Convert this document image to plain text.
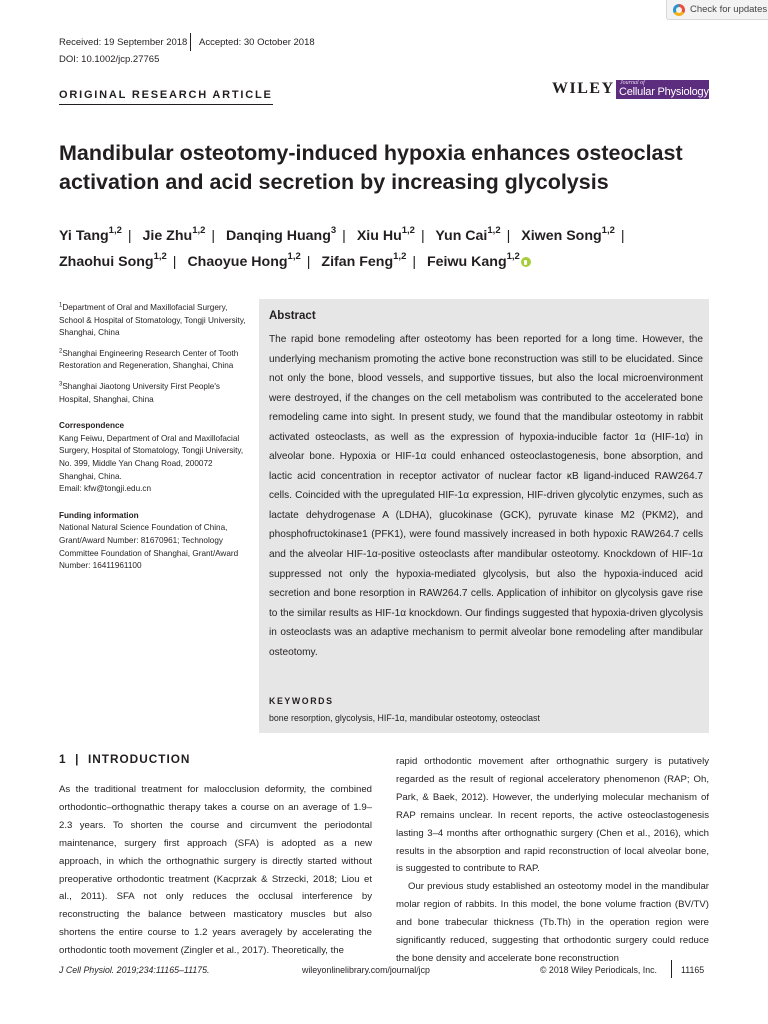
Check for updates
Received: 19 September 2018 Accepted: 30 October 2018
DOI: 10.1002/jcp.27765
ORIGINAL RESEARCH ARTICLE	WILEY Journal of
Cellular Physiology
Mandibular osteotomy-induced hypoxia enhances osteoclast activation and acid secretion by increasing glycolysis
Yi Tang$^{1,2}$ | Jie Zhu$^{1,2}$ | Danqing Huang$^3$ | Xiu Hu$^{1,2}$ | Yun Cai$^{1,2}$ | Xiwen Song$^{1,2}$ |
Zhaohui Song$^{1,2}$ | Chaoyue Hong$^{1,2}$ | Zifan Feng$^{1,2}$ | Feiwu Kang$^{1,2}$

$^1$Department of Oral and Maxillofacial Surgery, School & Hospital of Stomatology, Tongji University, Shanghai, China

$^2$Shanghai Engineering Research Center of Tooth Restoration and Regeneration, Shanghai, China

$^3$Shanghai Jiaotong University First People's Hospital, Shanghai, China

Correspondence
Kang Feiwu, Department of Oral and Maxillofacial Surgery, Hospital of Stomatology, Tongji University, No. 399, Middle Yan Chang Road, 200072 Shanghai, China.
Email: kfw@tongji.edu.cn

Funding information
National Natural Science Foundation of China, Grant/Award Number: 81670961; Technology Committee Foundation of Shanghai, Grant/Award Number: 16411961100

Abstract
The rapid bone remodeling after osteotomy has been reported for a long time. However, the underlying mechanism promoting the active bone reconstruction was still to be elucidated. Since not only the bone, blood vessels, and supportive tissues, but also the local microenvironment were destroyed, if the changes on the cell metabolism was contributed to the accelerated bone remodeling came into sight. In present study, we found that the mandibular osteotomy in rabbit activated osteoclasts, as well as the expression of hypoxia-inducible factor 1α (HIF-1α) in alveolar bone. Hypoxia or HIF-1α could enhanced osteoclastogenesis, bone absorption, and lactic acid concentration in receptor activator of nuclear factor κB ligand-induced RAW264.7 cells. Coincided with the upregulated HIF-1α expression, HIF-driven glycolytic enzymes, such as lactate dehydrogenase A (LDHA), glucokinase (GCK), pyruvate kinase M2 (PKM2), and phosphofructokinase1 (PFK1), were found massively increased in both hypoxic RAW264.7 cells and the alveolar HIF-1α-positive osteoclasts after mandibular osteotomy. Knockdown of HIF-1α suppressed not only the hypoxia-mediated glycolysis, but also the hypoxia-induced acid secretion and bone resorption in RAW264.7 cells. Application of inhibitor on glycolysis gave rise to the similar results as HIF-1α knockdown. Our findings suggested that hypoxia-driven glycolysis in osteoclasts was an adaptive mechanism to permit alveolar bone remodeling after mandibular osteotomy.
KEYWORDS
bone resorption, glycolysis, HIF-1α, mandibular osteotomy, osteoclast
1  |  INTRODUCTION

As the traditional treatment for malocclusion deformity, the combined orthodontic–orthognathic therapy takes a course on an average of 1.9–2.3 years. To shorten the course and circumvent the periodontal maintenance, surgery first approach (SFA) is adopted as a new approach, in which the orthognathic surgery is directly started without preoperative orthodontic treatment (Kacprzak & Strzecki, 2018; Liou et al., 2011). SFA not only reduces the occlusal interference by reconstructing the balance between masticatory muscles but also shortens the entire course to 1.2 years averagely by accelerating the orthodontic tooth movement (Zingler et al., 2017). Theoretically, the

rapid orthodontic movement after orthognathic surgery is putatively regarded as the result of regional acceleratory phenomenon (RAP; Oh, Park, & Baek, 2012). However, the underlying molecular mechanism of RAP remains unclear. In recent reports, the active osteoclastogenesis lasting 3–4 months after orthognathic surgery (Chen et al., 2016), which results in the absorption and rapid reconstruction of local alveolar bone, is suggested to contribute to RAP.

Our previous study established an osteotomy model in the mandibular molar region of rabbits. In this model, the bone volume fraction (BV/TV) and bone trabecular thickness (Tb.Th) in the operation region were significantly reduced, suggesting that orthodontic surgery could reduce the bone density and accelerate bone reconstruction

J Cell Physiol. 2019;234:11165–11175.	wileyonlinelibrary.com/journal/jcp	© 2018 Wiley Periodicals, Inc.	11165
